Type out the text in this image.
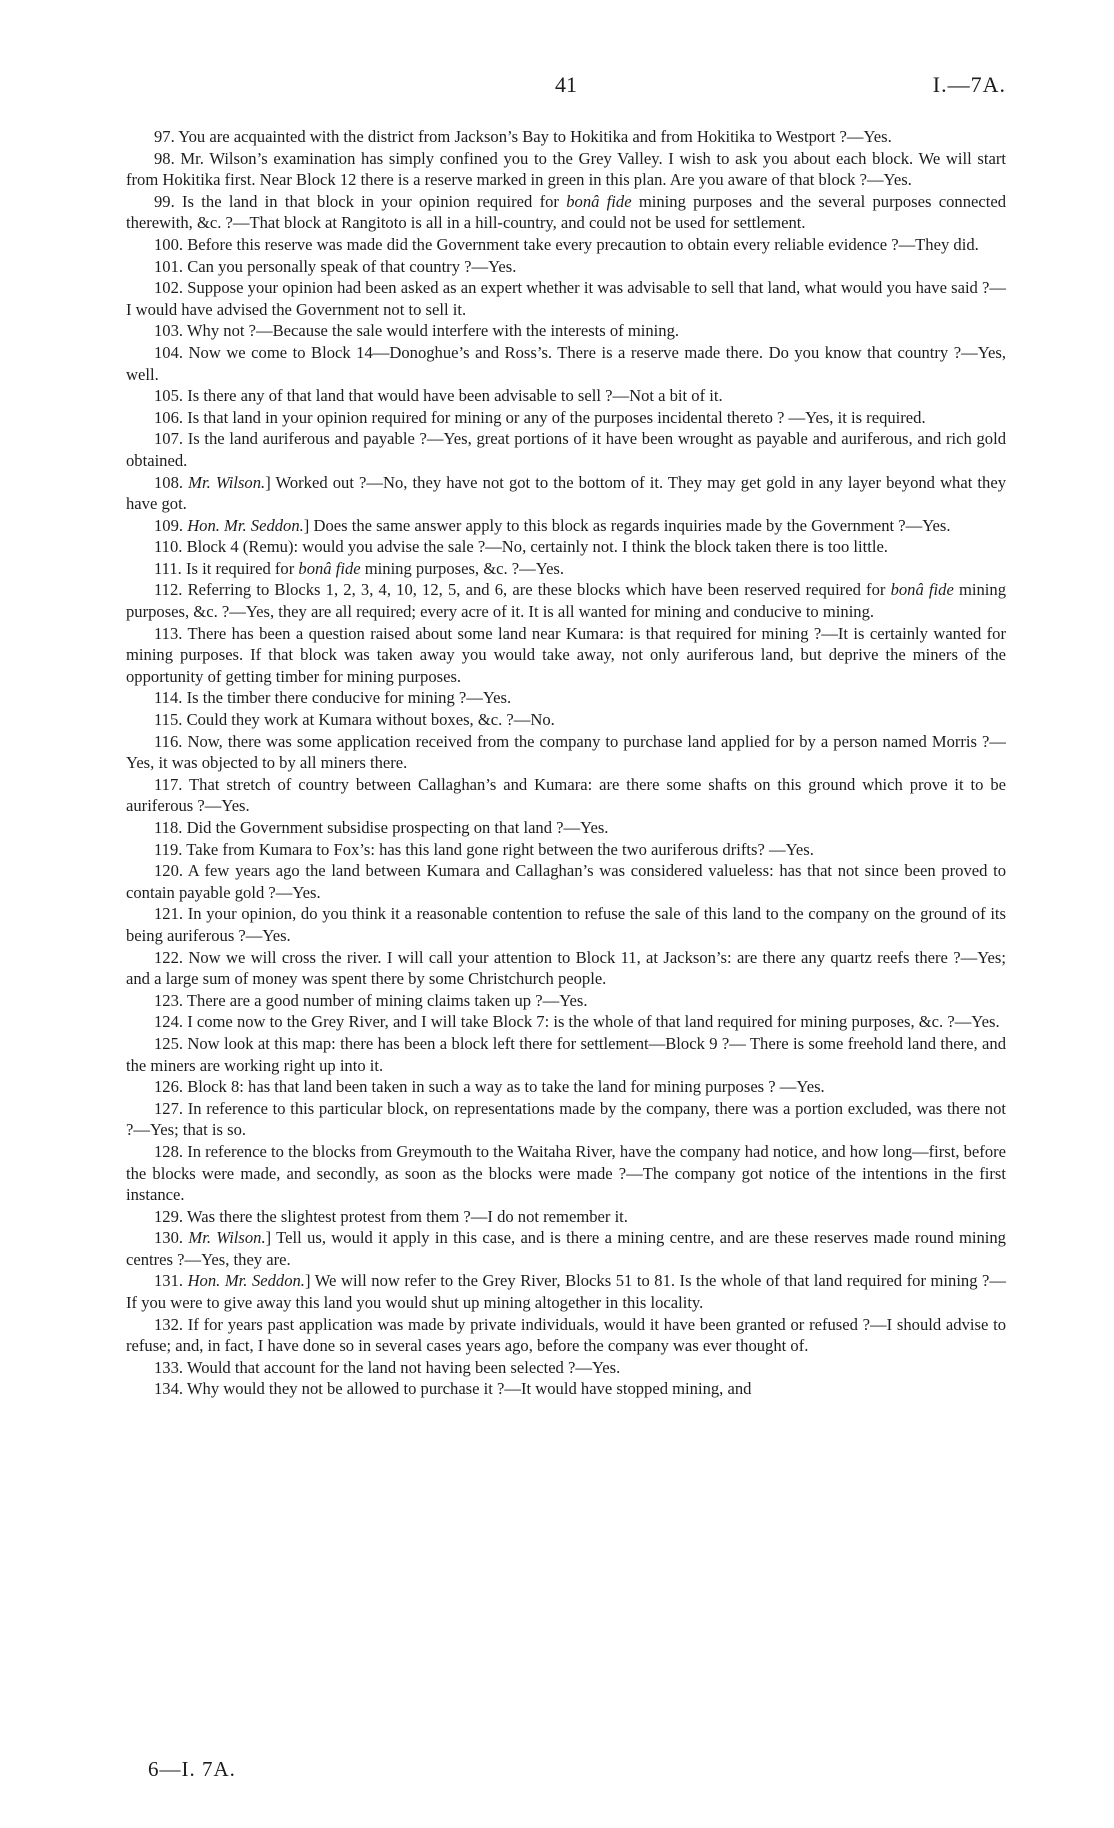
41	I.—7A.

97. You are acquainted with the district from Jackson’s Bay to Hokitika and from Hokitika to Westport ?—Yes.

98. Mr. Wilson’s examination has simply confined you to the Grey Valley. I wish to ask you about each block. We will start from Hokitika first. Near Block 12 there is a reserve marked in green in this plan. Are you aware of that block ?—Yes.

99. Is the land in that block in your opinion required for bonâ fide mining purposes and the several purposes connected therewith, &c. ?—That block at Rangitoto is all in a hill-country, and could not be used for settlement.

100. Before this reserve was made did the Government take every precaution to obtain every reliable evidence ?—They did.

101. Can you personally speak of that country ?—Yes.

102. Suppose your opinion had been asked as an expert whether it was advisable to sell that land, what would you have said ?—I would have advised the Government not to sell it.

103. Why not ?—Because the sale would interfere with the interests of mining.

104. Now we come to Block 14—Donoghue’s and Ross’s. There is a reserve made there. Do you know that country ?—Yes, well.

105. Is there any of that land that would have been advisable to sell ?—Not a bit of it.

106. Is that land in your opinion required for mining or any of the purposes incidental thereto ? —Yes, it is required.

107. Is the land auriferous and payable ?—Yes, great portions of it have been wrought as payable and auriferous, and rich gold obtained.

108. Mr. Wilson.] Worked out ?—No, they have not got to the bottom of it. They may get gold in any layer beyond what they have got.

109. Hon. Mr. Seddon.] Does the same answer apply to this block as regards inquiries made by the Government ?—Yes.

110. Block 4 (Remu): would you advise the sale ?—No, certainly not. I think the block taken there is too little.

111. Is it required for bonâ fide mining purposes, &c. ?—Yes.

112. Referring to Blocks 1, 2, 3, 4, 10, 12, 5, and 6, are these blocks which have been reserved required for bonâ fide mining purposes, &c. ?—Yes, they are all required; every acre of it. It is all wanted for mining and conducive to mining.

113. There has been a question raised about some land near Kumara: is that required for mining ?—It is certainly wanted for mining purposes. If that block was taken away you would take away, not only auriferous land, but deprive the miners of the opportunity of getting timber for mining purposes.

114. Is the timber there conducive for mining ?—Yes.

115. Could they work at Kumara without boxes, &c. ?—No.

116. Now, there was some application received from the company to purchase land applied for by a person named Morris ?—Yes, it was objected to by all miners there.

117. That stretch of country between Callaghan’s and Kumara: are there some shafts on this ground which prove it to be auriferous ?—Yes.

118. Did the Government subsidise prospecting on that land ?—Yes.

119. Take from Kumara to Fox’s: has this land gone right between the two auriferous drifts? —Yes.

120. A few years ago the land between Kumara and Callaghan’s was considered valueless: has that not since been proved to contain payable gold ?—Yes.

121. In your opinion, do you think it a reasonable contention to refuse the sale of this land to the company on the ground of its being auriferous ?—Yes.

122. Now we will cross the river. I will call your attention to Block 11, at Jackson’s: are there any quartz reefs there ?—Yes; and a large sum of money was spent there by some Christchurch people.

123. There are a good number of mining claims taken up ?—Yes.

124. I come now to the Grey River, and I will take Block 7: is the whole of that land required for mining purposes, &c. ?—Yes.

125. Now look at this map: there has been a block left there for settlement—Block 9 ?— There is some freehold land there, and the miners are working right up into it.

126. Block 8: has that land been taken in such a way as to take the land for mining purposes ? —Yes.

127. In reference to this particular block, on representations made by the company, there was a portion excluded, was there not ?—Yes; that is so.

128. In reference to the blocks from Greymouth to the Waitaha River, have the company had notice, and how long—first, before the blocks were made, and secondly, as soon as the blocks were made ?—The company got notice of the intentions in the first instance.

129. Was there the slightest protest from them ?—I do not remember it.

130. Mr. Wilson.] Tell us, would it apply in this case, and is there a mining centre, and are these reserves made round mining centres ?—Yes, they are.

131. Hon. Mr. Seddon.] We will now refer to the Grey River, Blocks 51 to 81. Is the whole of that land required for mining ?—If you were to give away this land you would shut up mining altogether in this locality.

132. If for years past application was made by private individuals, would it have been granted or refused ?—I should advise to refuse; and, in fact, I have done so in several cases years ago, before the company was ever thought of.

133. Would that account for the land not having been selected ?—Yes.

134. Why would they not be allowed to purchase it ?—It would have stopped mining, and

6—I. 7A.
